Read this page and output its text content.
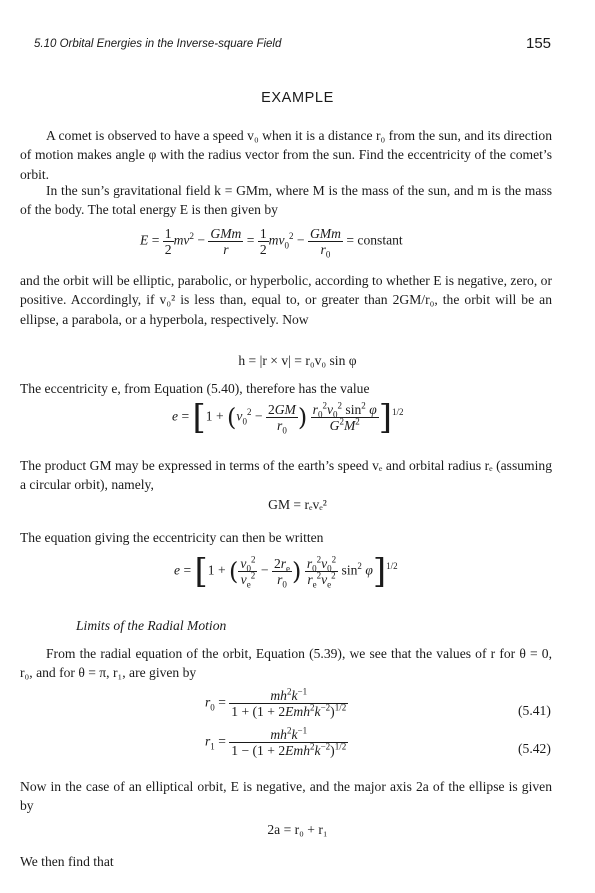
5.10 Orbital Energies in the Inverse-square Field	155
EXAMPLE
A comet is observed to have a speed v₀ when it is a distance r₀ from the sun, and its direction of motion makes angle φ with the radius vector from the sun. Find the eccentricity of the comet’s orbit.
In the sun’s gravitational field k = GMm, where M is the mass of the sun, and m is the mass of the body. The total energy E is then given by
$E = \frac{1}{2} mv^2 - \frac{\text{GMm}}{r} = \frac{1}{2} mv_0^2 - \frac{\text{GMm}}{r_0}$ = constant
and the orbit will be elliptic, parabolic, or hyperbolic, according to whether E is negative, zero, or positive. Accordingly, if v₀² is less than, equal to, or greater than 2GM/r₀, the orbit will be an ellipse, a parabola, or a hyperbola, respectively. Now
h = |r × v| = r₀v₀ sin φ
The eccentricity e, from Equation (5.40), therefore has the value
$e = [1 + (v_0^2 - \frac{2GM}{r_0}$ ) $\frac{r_0^2v_0^2 \sin^2 \varphi}{G^2M^2} ]^{1/2}$
The product GM may be expressed in terms of the earth’s speed vₑ and orbital radius rₑ (assuming a circular orbit), namely,
GM = rₑvₑ²
The equation giving the eccentricity can then be written
e = [1 + ( $\frac{v_0^2}{v_e^2} - \frac{2r_e}{r_0}$ ) $\frac{r_0^2v_0^2}{r_e^2v_e^2} \sin^2 \varphi]^{1/2}$
Limits of the Radial Motion
From the radial equation of the orbit, Equation (5.39), we see that the values of r for θ = 0, r₀, and for θ = π, r₁, are given by
$r_0 = \frac{mh^2k^{-1}}{1 + (1 + 2Emh^2k^{-2})^{1/2}}$	(5.41)
$r_1 = \frac{mh^2k^{-1}}{1 - (1 + 2Emh^2k^{-2})^{1/2}}$	(5.42)
Now in the case of an elliptical orbit, E is negative, and the major axis 2a of the ellipse is given by
2a = r₀ + r₁
We then find that
